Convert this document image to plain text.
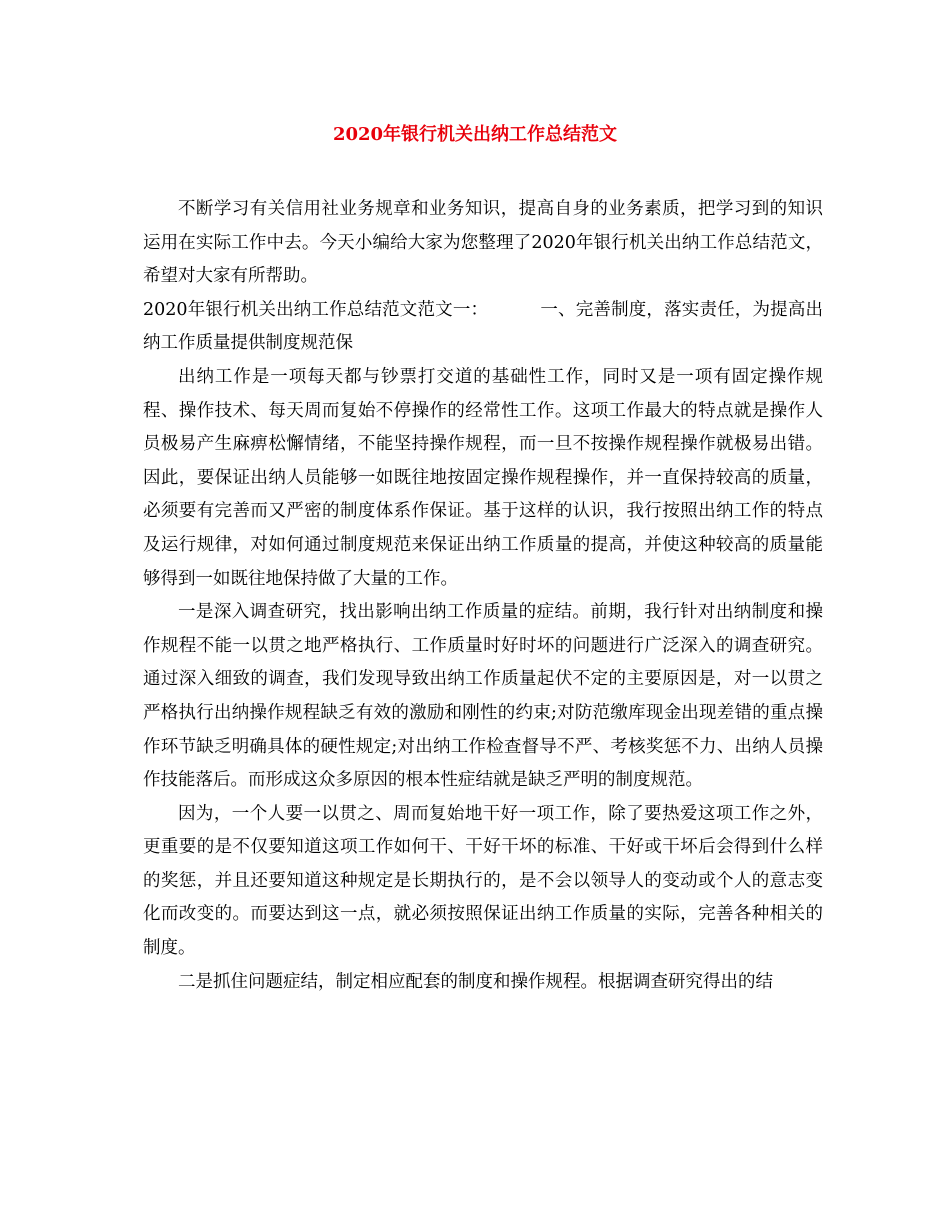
2020年银行机关出纳工作总结范文

不断学习有关信用社业务规章和业务知识，提高自身的业务素质，把学习到的知识运用在实际工作中去。今天小编给大家为您整理了2020年银行机关出纳工作总结范文，希望对大家有所帮助。

2020年银行机关出纳工作总结范文范文一：	一、完善制度，落实责任，为提高出纳工作质量提供制度规范保

出纳工作是一项每天都与钞票打交道的基础性工作，同时又是一项有固定操作规程、操作技术、每天周而复始不停操作的经常性工作。这项工作最大的特点就是操作人员极易产生麻痹松懈情绪，不能坚持操作规程，而一旦不按操作规程操作就极易出错。因此，要保证出纳人员能够一如既往地按固定操作规程操作，并一直保持较高的质量，必须要有完善而又严密的制度体系作保证。基于这样的认识，我行按照出纳工作的特点及运行规律，对如何通过制度规范来保证出纳工作质量的提高，并使这种较高的质量能够得到一如既往地保持做了大量的工作。

一是深入调查研究，找出影响出纳工作质量的症结。前期，我行针对出纳制度和操作规程不能一以贯之地严格执行、工作质量时好时坏的问题进行广泛深入的调查研究。通过深入细致的调查，我们发现导致出纳工作质量起伏不定的主要原因是，对一以贯之严格执行出纳操作规程缺乏有效的激励和刚性的约束;对防范缴库现金出现差错的重点操作环节缺乏明确具体的硬性规定;对出纳工作检查督导不严、考核奖惩不力、出纳人员操作技能落后。而形成这众多原因的根本性症结就是缺乏严明的制度规范。

因为，一个人要一以贯之、周而复始地干好一项工作，除了要热爱这项工作之外，更重要的是不仅要知道这项工作如何干、干好干坏的标准、干好或干坏后会得到什么样的奖惩，并且还要知道这种规定是长期执行的，是不会以领导人的变动或个人的意志变化而改变的。而要达到这一点，就必须按照保证出纳工作质量的实际，完善各种相关的制度。

二是抓住问题症结，制定相应配套的制度和操作规程。根据调查研究得出的结
